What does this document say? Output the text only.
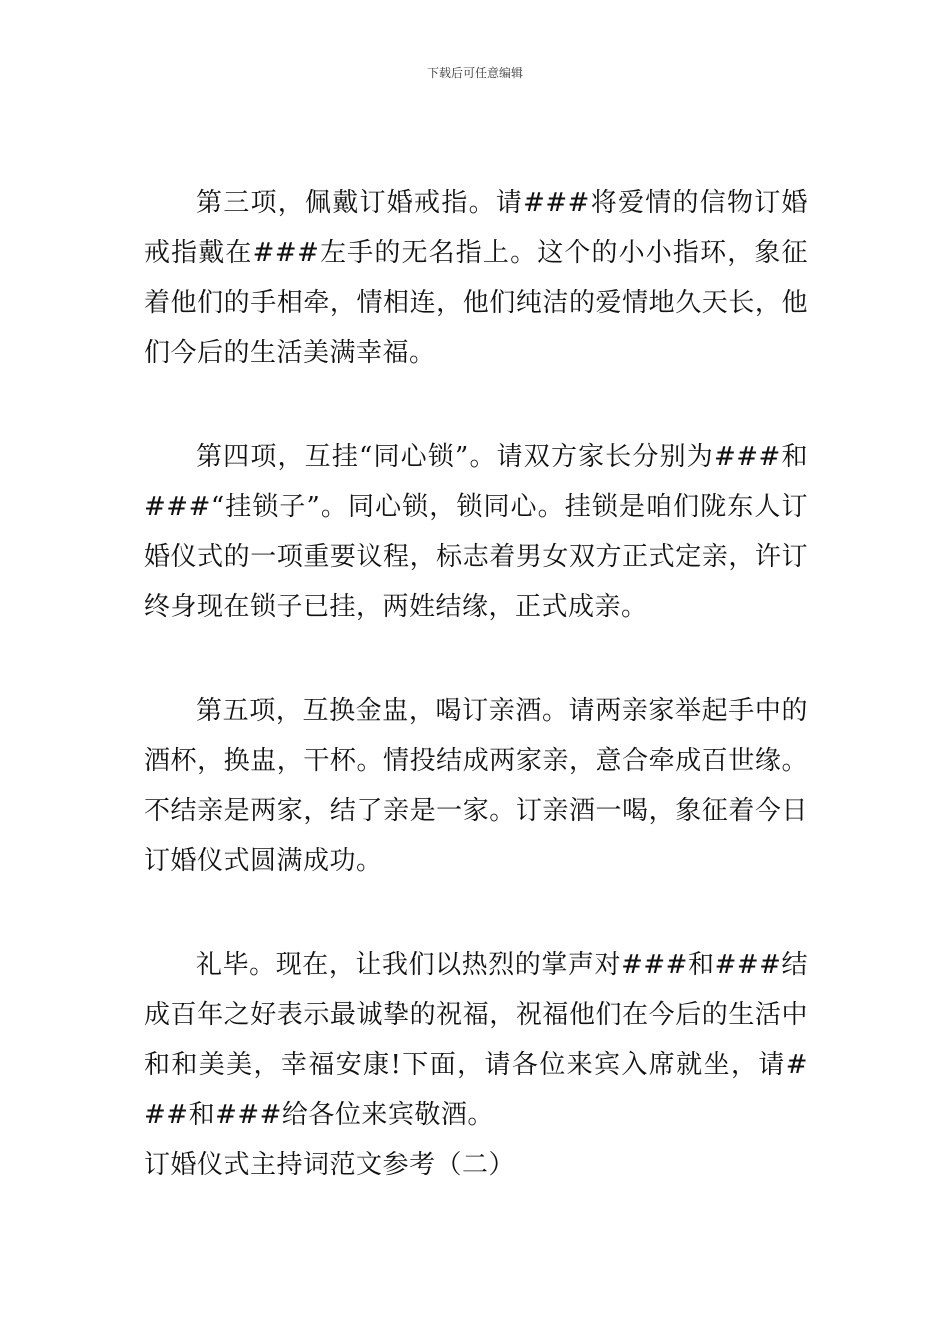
下载后可任意编辑

第三项，佩戴订婚戒指。请###将爱情的信物订婚戒指戴在###左手的无名指上。这个的小小指环，象征着他们的手相牵，情相连，他们纯洁的爱情地久天长，他们今后的生活美满幸福。

第四项，互挂“同心锁”。请双方家长分别为###和###“挂锁子”。同心锁，锁同心。挂锁是咱们陇东人订婚仪式的一项重要议程，标志着男女双方正式定亲，许订终身现在锁子已挂，两姓结缘，正式成亲。

第五项，互换金盅，喝订亲酒。请两亲家举起手中的酒杯，换盅，干杯。情投结成两家亲，意合牵成百世缘。不结亲是两家，结了亲是一家。订亲酒一喝，象征着今日订婚仪式圆满成功。

礼毕。现在，让我们以热烈的掌声对###和###结成百年之好表示最诚挚的祝福，祝福他们在今后的生活中和和美美，幸福安康!下面，请各位来宾入席就坐，请###和###给各位来宾敬酒。

订婚仪式主持词范文参考（二）
